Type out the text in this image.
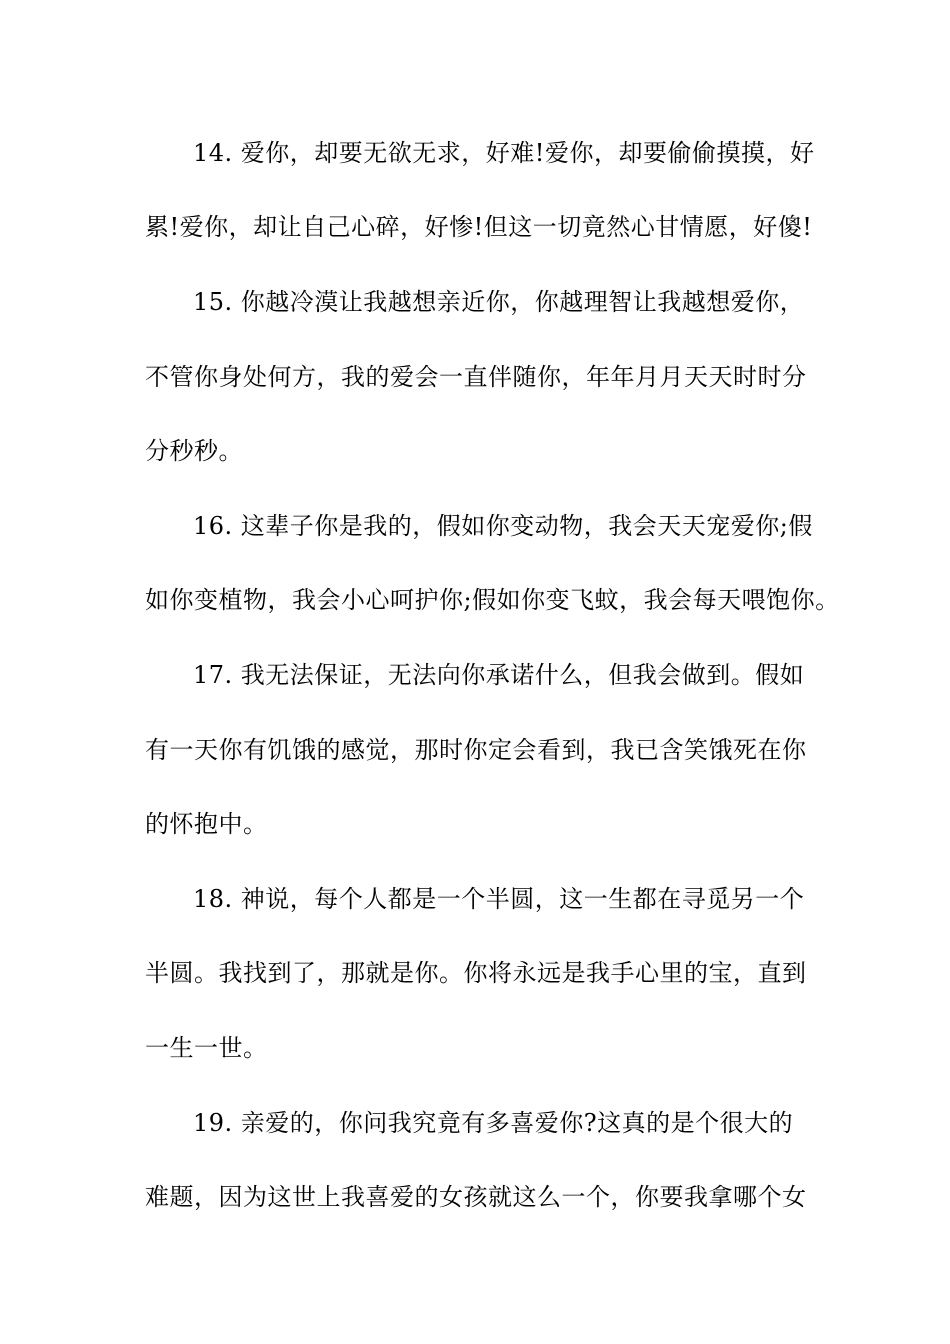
14. 爱你，却要无欲无求，好难!爱你，却要偷偷摸摸，好
累!爱你，却让自己心碎，好惨!但这一切竟然心甘情愿，好傻!
15. 你越冷漠让我越想亲近你，你越理智让我越想爱你，
不管你身处何方，我的爱会一直伴随你，年年月月天天时时分
分秒秒。
16. 这辈子你是我的，假如你变动物，我会天天宠爱你;假
如你变植物，我会小心呵护你;假如你变飞蚊，我会每天喂饱你。
17. 我无法保证，无法向你承诺什么，但我会做到。假如
有一天你有饥饿的感觉，那时你定会看到，我已含笑饿死在你
的怀抱中。
18. 神说，每个人都是一个半圆，这一生都在寻觅另一个
半圆。我找到了，那就是你。你将永远是我手心里的宝，直到
一生一世。
19. 亲爱的，你问我究竟有多喜爱你?这真的是个很大的
难题，因为这世上我喜爱的女孩就这么一个，你要我拿哪个女
